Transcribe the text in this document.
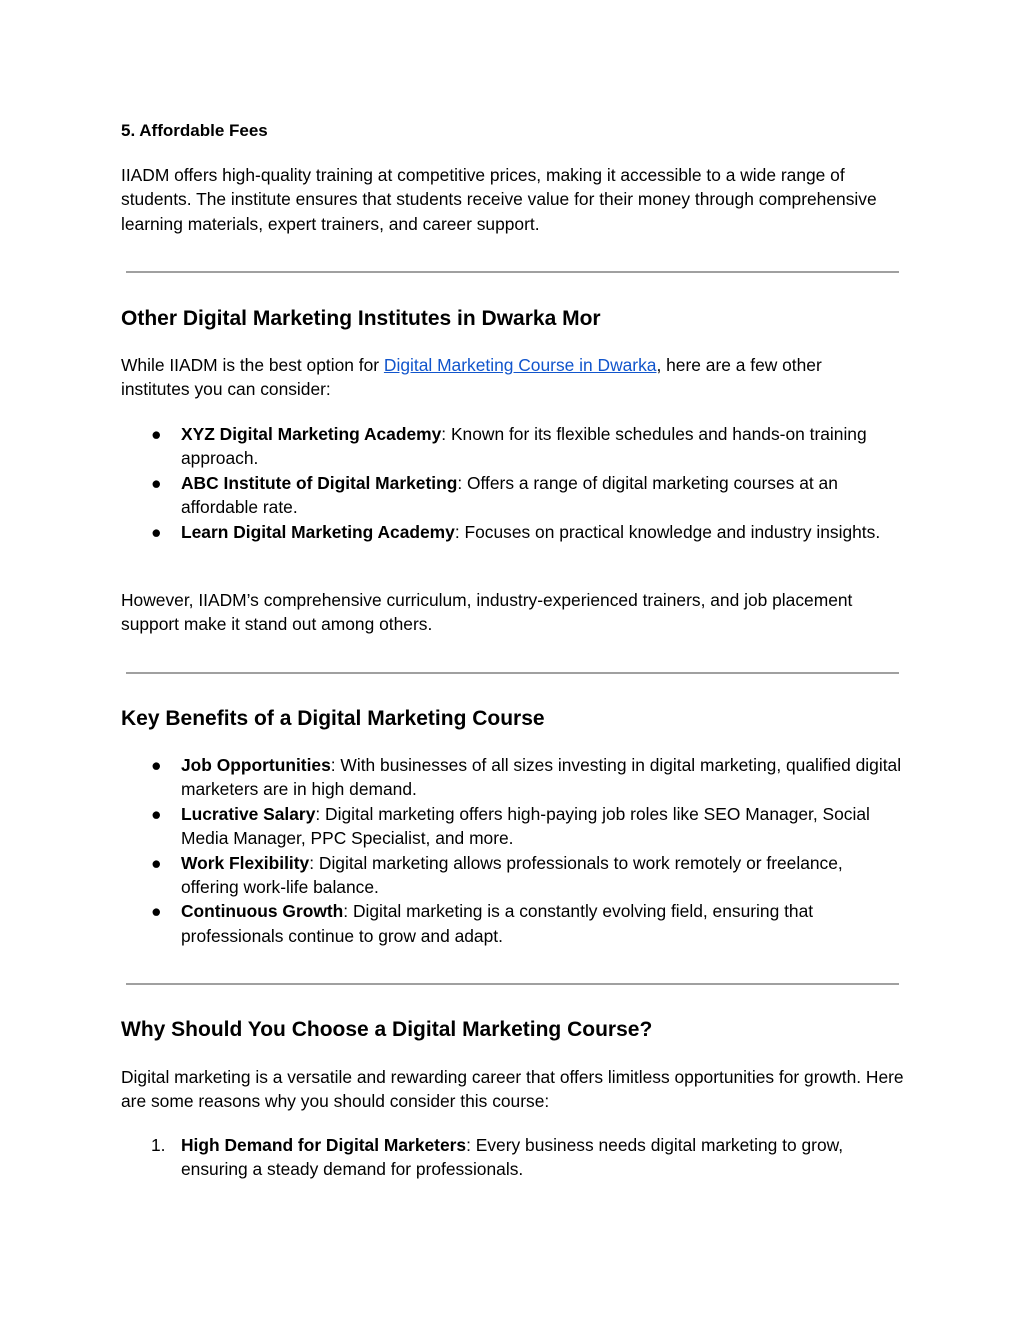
5. Affordable Fees

IIADM offers high-quality training at competitive prices, making it accessible to a wide range of students. The institute ensures that students receive value for their money through comprehensive learning materials, expert trainers, and career support.

Other Digital Marketing Institutes in Dwarka Mor

While IIADM is the best option for Digital Marketing Course in Dwarka, here are a few other institutes you can consider:

●	XYZ Digital Marketing Academy: Known for its flexible schedules and hands-on training approach.
●	ABC Institute of Digital Marketing: Offers a range of digital marketing courses at an affordable rate.
●	Learn Digital Marketing Academy: Focuses on practical knowledge and industry insights.

However, IIADM’s comprehensive curriculum, industry-experienced trainers, and job placement support make it stand out among others.

Key Benefits of a Digital Marketing Course
●	Job Opportunities: With businesses of all sizes investing in digital marketing, qualified digital marketers are in high demand.
●	Lucrative Salary: Digital marketing offers high-paying job roles like SEO Manager, Social Media Manager, PPC Specialist, and more.
●	Work Flexibility: Digital marketing allows professionals to work remotely or freelance, offering work-life balance.
●	Continuous Growth: Digital marketing is a constantly evolving field, ensuring that professionals continue to grow and adapt.
Why Should You Choose a Digital Marketing Course?

Digital marketing is a versatile and rewarding career that offers limitless opportunities for growth. Here are some reasons why you should consider this course:

1. High Demand for Digital Marketers: Every business needs digital marketing to grow, ensuring a steady demand for professionals.
